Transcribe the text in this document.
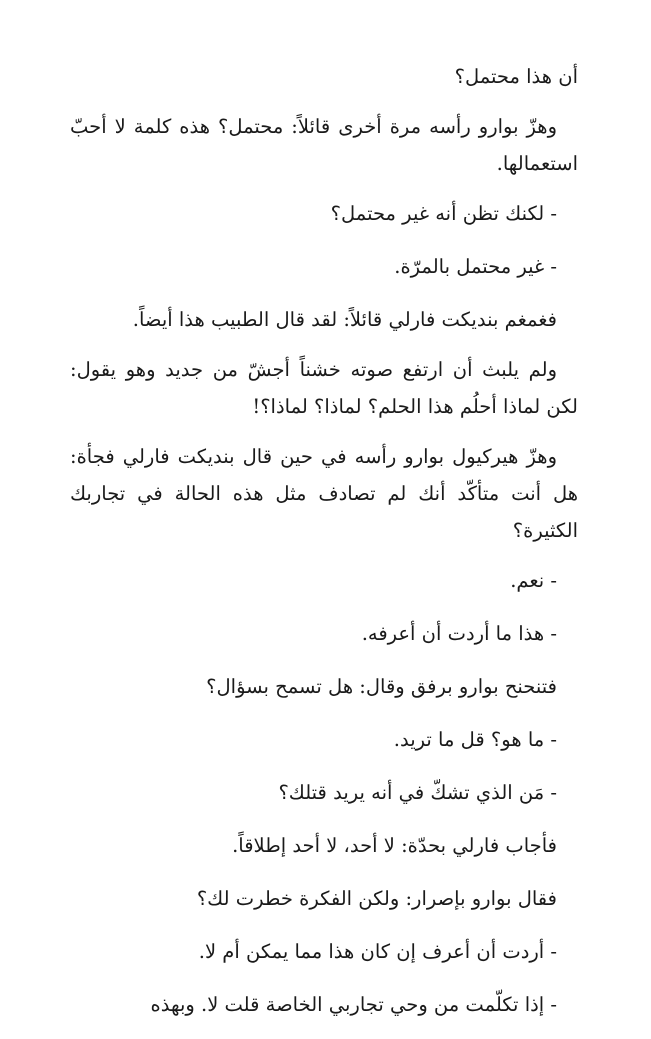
أن هذا محتمل؟

وهزّ بوارو رأسه مرة أخرى قائلاً: محتمل؟ هذه كلمة لا أحبّ استعمالها.

- لكنك تظن أنه غير محتمل؟

- غير محتمل بالمرّة.

فغمغم بنديكت فارلي قائلاً: لقد قال الطبيب هذا أيضاً.

ولم يلبث أن ارتفع صوته خشناً أجشّ من جديد وهو يقول: لكن لماذا أحلُم هذا الحلم؟ لماذا؟ لماذا؟!

وهزّ هيركيول بوارو رأسه في حين قال بنديكت فارلي فجأة: هل أنت متأكّد أنك لم تصادف مثل هذه الحالة في تجاربك الكثيرة؟

- نعم.

- هذا ما أردت أن أعرفه.

فتنحنح بوارو برفق وقال: هل تسمح بسؤال؟

- ما هو؟ قل ما تريد.

- مَن الذي تشكّ في أنه يريد قتلك؟

فأجاب فارلي بحدّة: لا أحد، لا أحد إطلاقاً.

فقال بوارو بإصرار: ولكن الفكرة خطرت لك؟

- أردت أن أعرف إن كان هذا مما يمكن أم لا.

- إذا تكلّمت من وحي تجاربي الخاصة قلت لا. وبهذه
